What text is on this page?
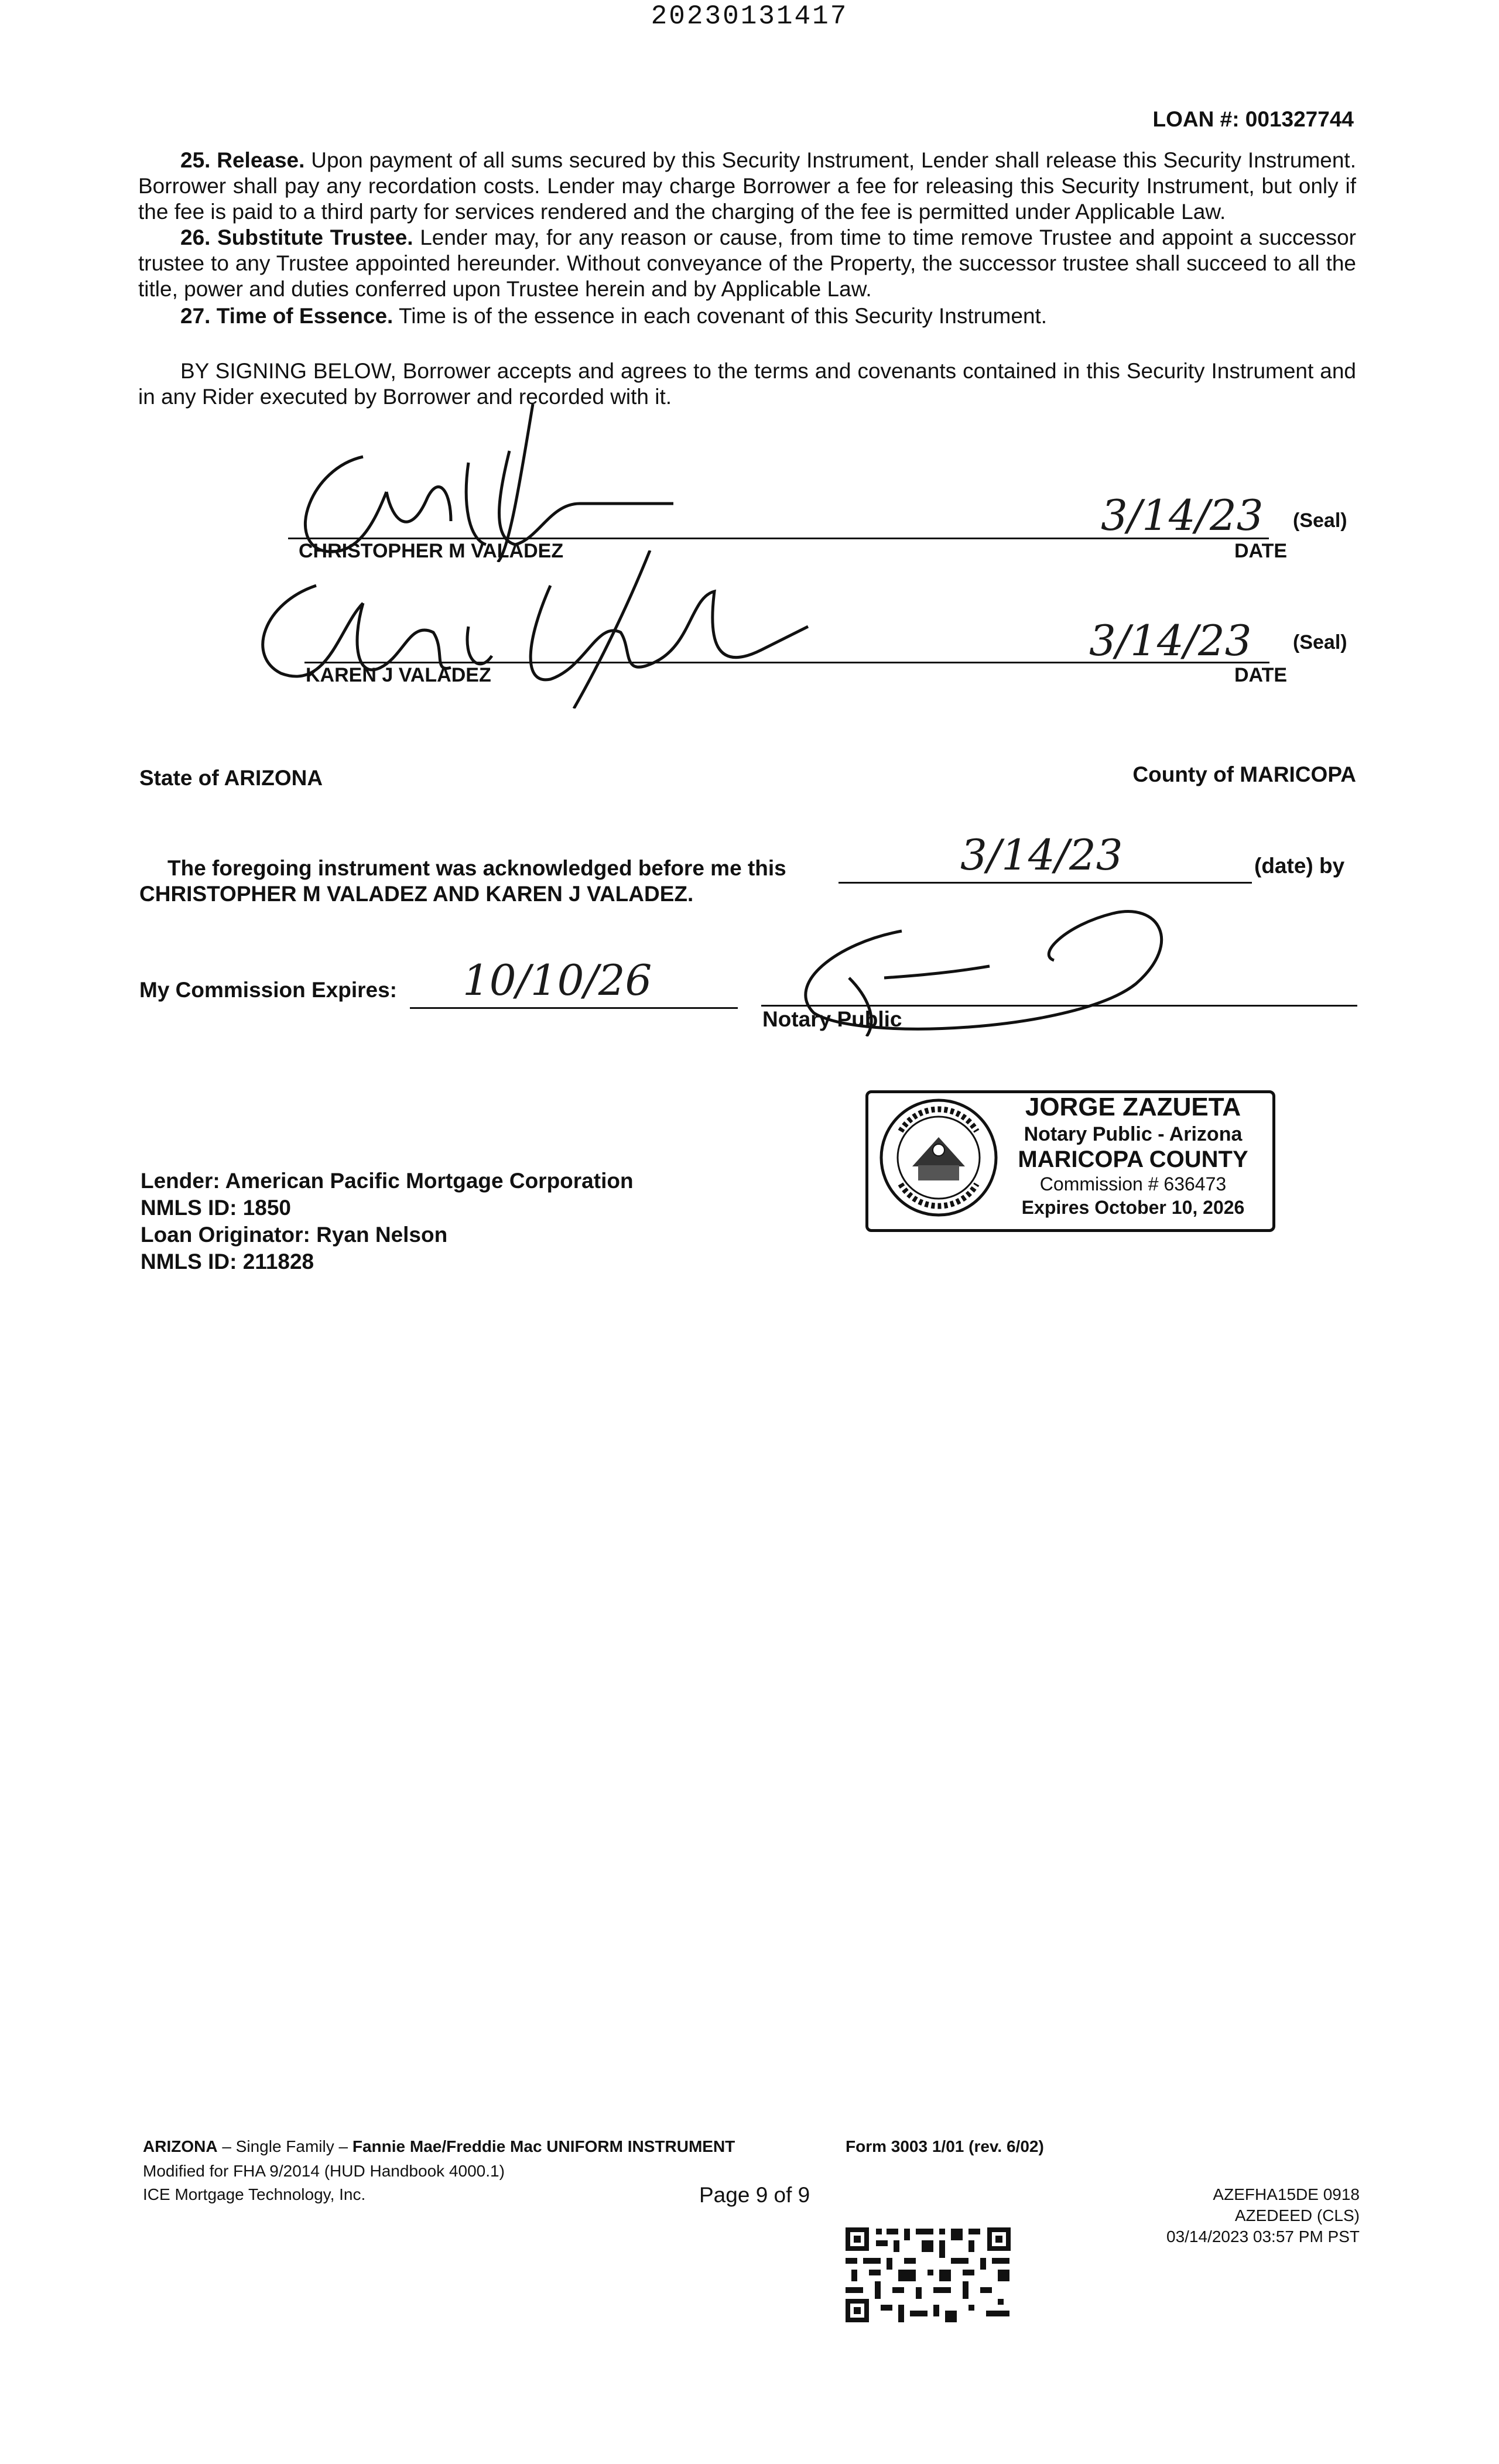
20230131417
LOAN #: 001327744

25. Release. Upon payment of all sums secured by this Security Instrument, Lender shall release this Security Instrument. Borrower shall pay any recordation costs. Lender may charge Borrower a fee for releasing this Security Instrument, but only if the fee is paid to a third party for services rendered and the charging of the fee is permitted under Applicable Law.

26. Substitute Trustee. Lender may, for any reason or cause, from time to time remove Trustee and appoint a successor trustee to any Trustee appointed hereunder. Without conveyance of the Property, the successor trustee shall succeed to all the title, power and duties conferred upon Trustee herein and by Applicable Law.

27. Time of Essence. Time is of the essence in each covenant of this Security Instrument.

BY SIGNING BELOW, Borrower accepts and agrees to the terms and covenants contained in this Security Instrument and in any Rider executed by Borrower and recorded with it.

CHRISTOPHER M VALADEZ
3/14/23 (Seal)
DATE
KAREN J VALADEZ
3/14/23 (Seal)
DATE
State of ARIZONA	County of MARICOPA
The foregoing instrument was acknowledged before me this	3/14/23	(date) by
CHRISTOPHER M VALADEZ AND KAREN J VALADEZ.
My Commission Expires: 10/10/26
Notary Public
JORGE ZAZUETA
Notary Public - Arizona
MARICOPA COUNTY
Commission # 636473
Expires October 10, 2026
Lender: American Pacific Mortgage Corporation
NMLS ID: 1850
Loan Originator: Ryan Nelson
NMLS ID: 211828
ARIZONA – Single Family – Fannie Mae/Freddie Mac UNIFORM INSTRUMENT	Form 3003 1/01 (rev. 6/02)
Modified for FHA 9/2014 (HUD Handbook 4000.1)
ICE Mortgage Technology, Inc.	Page 9 of 9	AZEFHA15DE 0918
AZEDEED (CLS)
03/14/2023 03:57 PM PST
